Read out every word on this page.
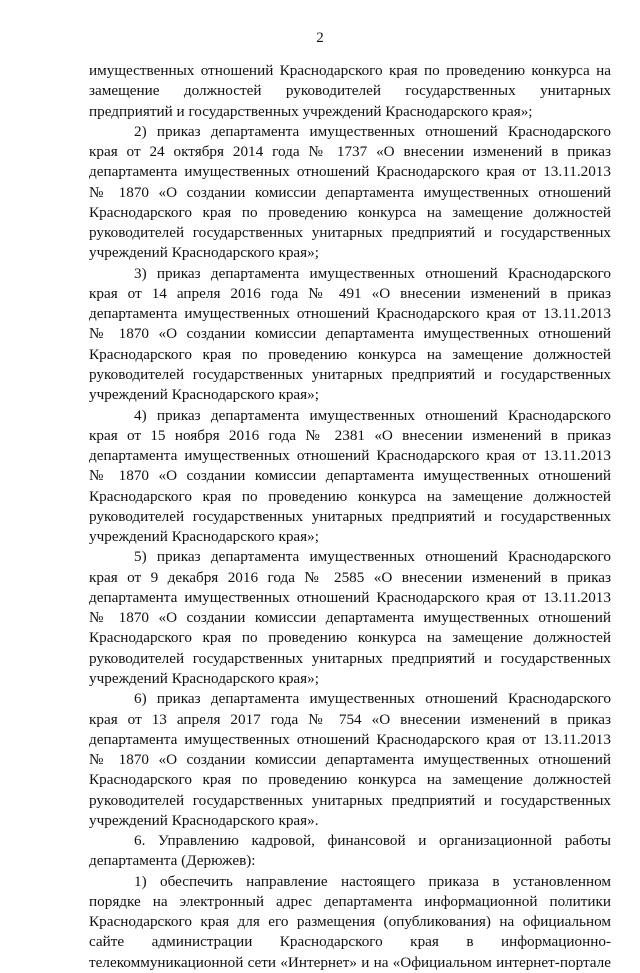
2
имущественных отношений Краснодарского края по проведению конкурса на
замещение должностей руководителей государственных унитарных
предприятий и государственных учреждений Краснодарского края»;
2) приказ департамента имущественных отношений Краснодарского
края от 24 октября 2014 года № 1737 «О внесении изменений в приказ
департамента имущественных отношений Краснодарского края от 13.11.2013
№ 1870 «О создании комиссии департамента имущественных отношений
Краснодарского края по проведению конкурса на замещение должностей
руководителей государственных унитарных предприятий и государственных
учреждений Краснодарского края»;
3) приказ департамента имущественных отношений Краснодарского
края от 14 апреля 2016 года № 491 «О внесении изменений в приказ
департамента имущественных отношений Краснодарского края от 13.11.2013
№ 1870 «О создании комиссии департамента имущественных отношений
Краснодарского края по проведению конкурса на замещение должностей
руководителей государственных унитарных предприятий и государственных
учреждений Краснодарского края»;
4) приказ департамента имущественных отношений Краснодарского
края от 15 ноября 2016 года № 2381 «О внесении изменений в приказ
департамента имущественных отношений Краснодарского края от 13.11.2013
№ 1870 «О создании комиссии департамента имущественных отношений
Краснодарского края по проведению конкурса на замещение должностей
руководителей государственных унитарных предприятий и государственных
учреждений Краснодарского края»;
5) приказ департамента имущественных отношений Краснодарского
края от 9 декабря 2016 года № 2585 «О внесении изменений в приказ
департамента имущественных отношений Краснодарского края от 13.11.2013
№ 1870 «О создании комиссии департамента имущественных отношений
Краснодарского края по проведению конкурса на замещение должностей
руководителей государственных унитарных предприятий и государственных
учреждений Краснодарского края»;
6) приказ департамента имущественных отношений Краснодарского
края от 13 апреля 2017 года № 754 «О внесении изменений в приказ
департамента имущественных отношений Краснодарского края от 13.11.2013
№ 1870 «О создании комиссии департамента имущественных отношений
Краснодарского края по проведению конкурса на замещение должностей
руководителей государственных унитарных предприятий и государственных
учреждений Краснодарского края».
6. Управлению кадровой, финансовой и организационной работы
департамента (Дерюжев):
1) обеспечить направление настоящего приказа в установленном
порядке на электронный адрес департамента информационной политики
Краснодарского края для его размещения (опубликования) на официальном
сайте администрации Краснодарского края в информационно-
телекоммуникационной сети «Интернет» и на «Официальном интернет-портале
